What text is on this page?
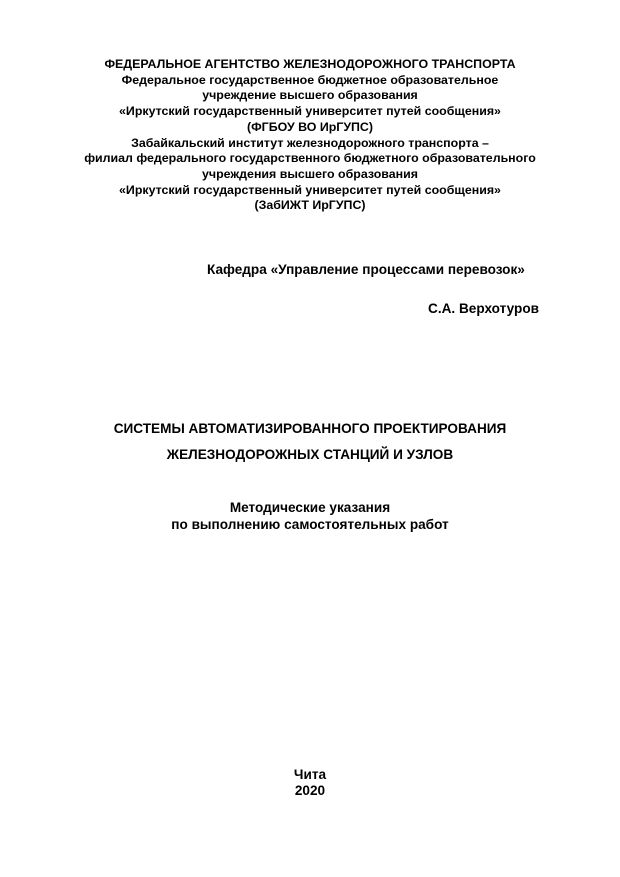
ФЕДЕРАЛЬНОЕ АГЕНТСТВО ЖЕЛЕЗНОДОРОЖНОГО ТРАНСПОРТА
Федеральное государственное бюджетное образовательное
учреждение высшего образования
«Иркутский государственный университет путей сообщения»
(ФГБОУ ВО ИрГУПС)
Забайкальский институт железнодорожного транспорта –
филиал федерального государственного бюджетного образовательного
учреждения высшего образования
«Иркутский государственный университет путей сообщения»
(ЗабИЖТ ИрГУПС)
Кафедра «Управление процессами перевозок»
С.А. Верхотуров
СИСТЕМЫ АВТОМАТИЗИРОВАННОГО ПРОЕКТИРОВАНИЯ
ЖЕЛЕЗНОДОРОЖНЫХ СТАНЦИЙ И УЗЛОВ
Методические указания
по выполнению самостоятельных работ
Чита
2020
